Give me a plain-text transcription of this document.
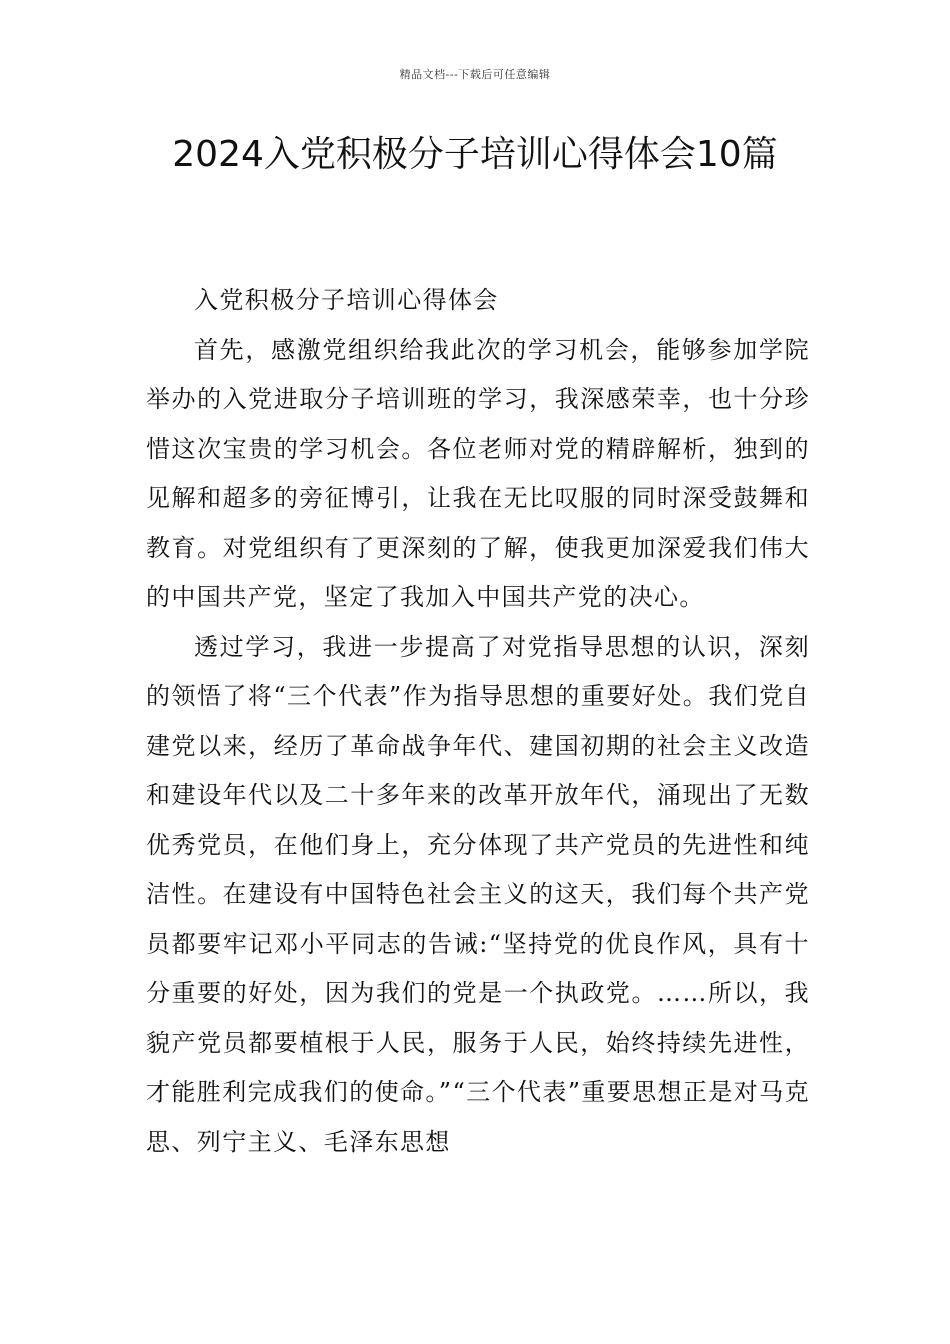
精品文档---下载后可任意编辑
2024入党积极分子培训心得体会10篇

入党积极分子培训心得体会

首先，感激党组织给我此次的学习机会，能够参加学院举办的入党进取分子培训班的学习，我深感荣幸，也十分珍惜这次宝贵的学习机会。各位老师对党的精辟解析，独到的见解和超多的旁征博引，让我在无比叹服的同时深受鼓舞和教育。对党组织有了更深刻的了解，使我更加深爱我们伟大的中国共产党，坚定了我加入中国共产党的决心。

透过学习，我进一步提高了对党指导思想的认识，深刻的领悟了将“三个代表”作为指导思想的重要好处。我们党自建党以来，经历了革命战争年代、建国初期的社会主义改造和建设年代以及二十多年来的改革开放年代，涌现出了无数优秀党员，在他们身上，充分体现了共产党员的先进性和纯洁性。在建设有中国特色社会主义的这天，我们每个共产党员都要牢记邓小平同志的告诫:“坚持党的优良作风，具有十分重要的好处，因为我们的党是一个执政党。……所以，我貌产党员都要植根于人民，服务于人民，始终持续先进性，才能胜利完成我们的使命。”“三个代表”重要思想正是对马克思、列宁主义、毛泽东思想
